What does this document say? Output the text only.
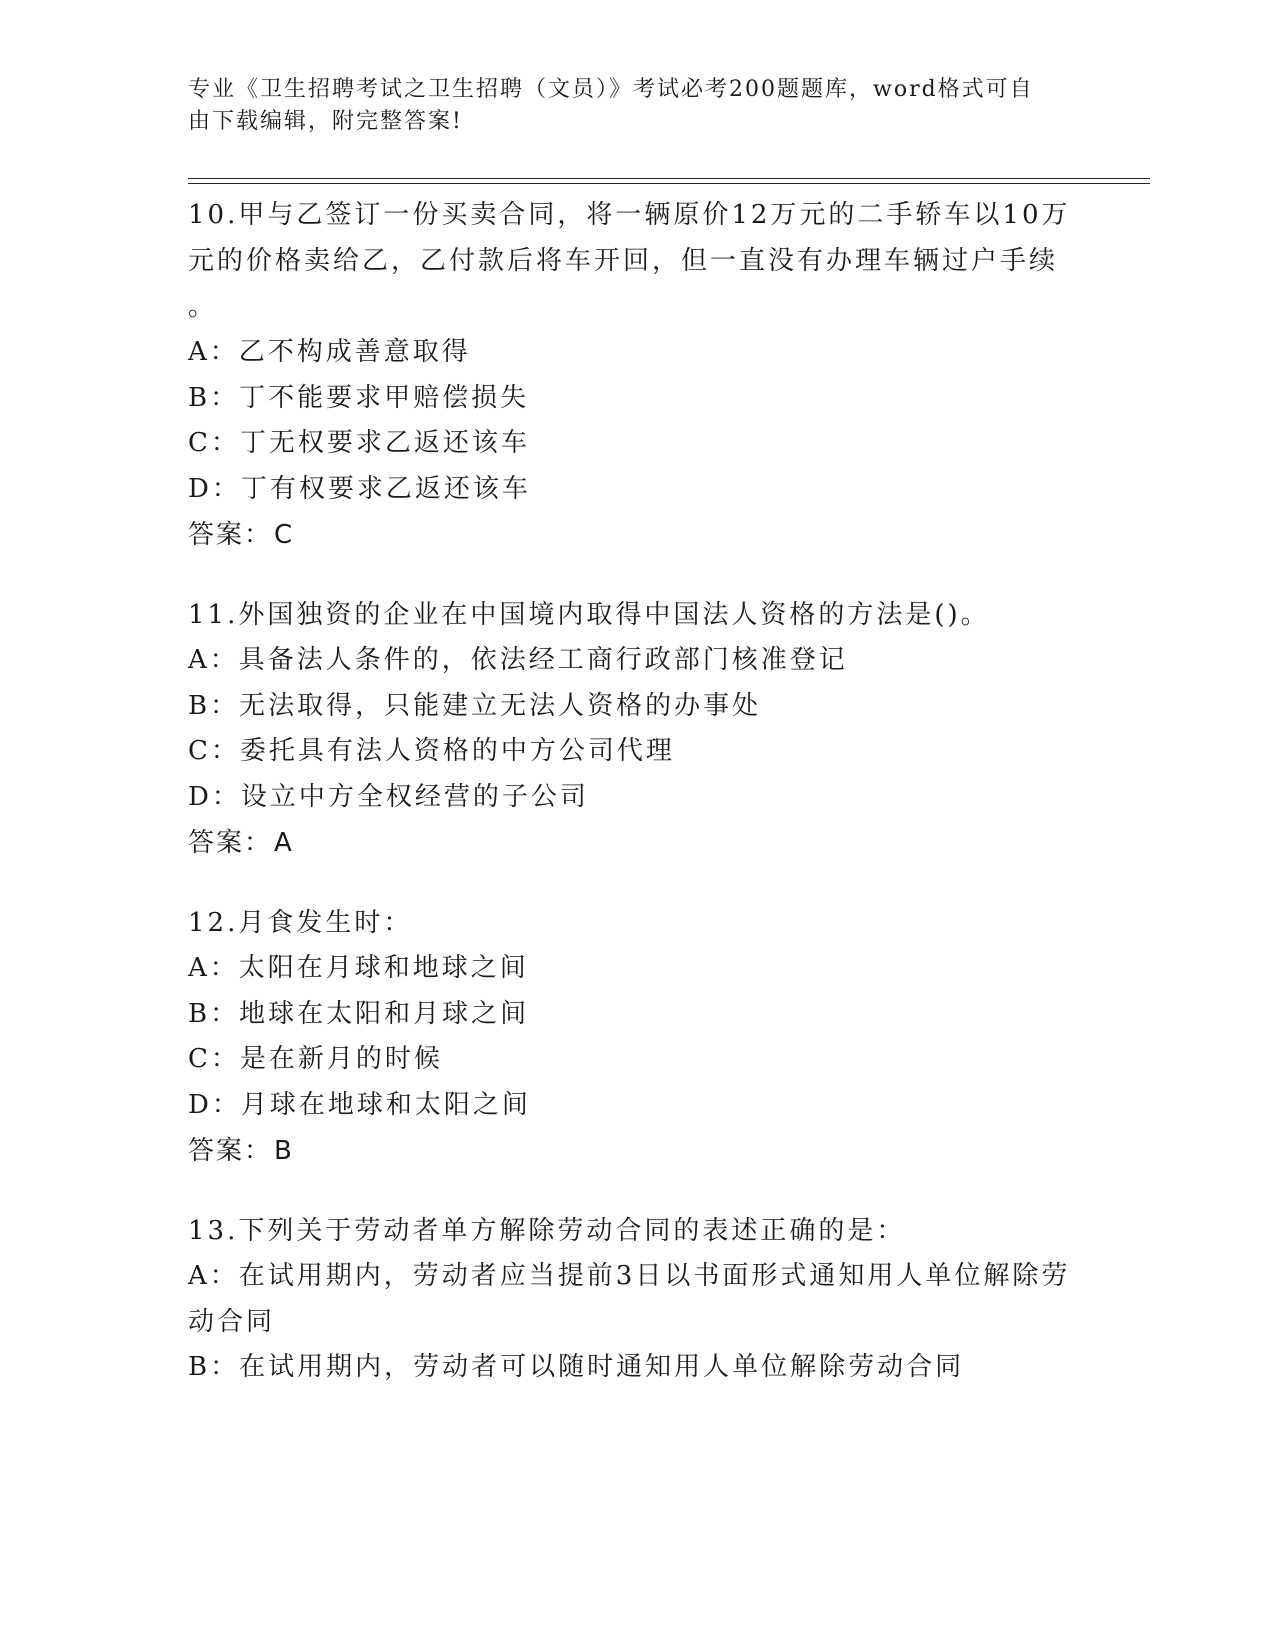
专业《卫生招聘考试之卫生招聘（文员）》考试必考200题题库，word格式可自
由下载编辑，附完整答案!
10.甲与乙签订一份买卖合同，将一辆原价12万元的二手轿车以10万
元的价格卖给乙，乙付款后将车开回，但一直没有办理车辆过户手续
。
A：乙不构成善意取得
B：丁不能要求甲赔偿损失
C：丁无权要求乙返还该车
D：丁有权要求乙返还该车
答案：C
11.外国独资的企业在中国境内取得中国法人资格的方法是()。
A：具备法人条件的，依法经工商行政部门核准登记
B：无法取得，只能建立无法人资格的办事处
C：委托具有法人资格的中方公司代理
D：设立中方全权经营的子公司
答案：A
12.月食发生时：
A：太阳在月球和地球之间
B：地球在太阳和月球之间
C：是在新月的时候
D：月球在地球和太阳之间
答案：B
13.下列关于劳动者单方解除劳动合同的表述正确的是：
A：在试用期内，劳动者应当提前3日以书面形式通知用人单位解除劳
动合同
B：在试用期内，劳动者可以随时通知用人单位解除劳动合同
